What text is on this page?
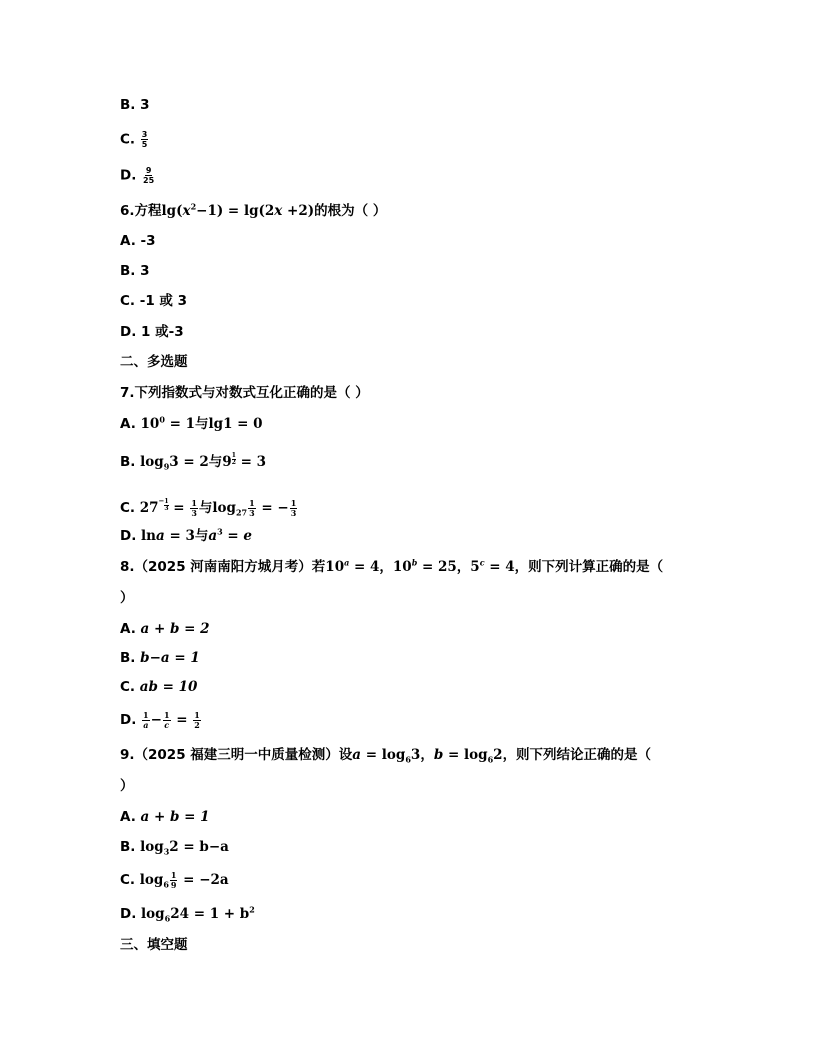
B. 3
C. $\frac{3}{5}$
D. $\frac{9}{25}$
6.方程$\lg(x^2-1) = \lg(2x +2)$的根为（ ）
A. -3
B. 3
C. -1 或 3
D. 1 或-3
二、多选题
7.下列指数式与对数式互化正确的是（ ）
A. $10^0 = 1$与lg1 = 0
B. $\log_93 = 2$与$9 \frac{1}{2} = 3$
C. $27^- \frac{1}{3} = \frac{1}{3}$ 与$\log_{27} \frac{1}{3}$ = − $\frac{1}{3}$
D. lna = 3与$a^3 = e$
8.（2025 河南南阳方城月考）若$10^a = 4$，$10^b = 25$，$5^c = 4$，则下列计算正确的是（
）
A. a + b = 2
B. b−a = 1
C. ab = 10
D. $\frac{1}{a} - \frac{1}{c} = \frac{1}{2}$
9.（2025 福建三明一中质量检测）设$a = \log_63$，$b = \log_62$，则下列结论正确的是（
）
A. a + b = 1
B. $\log_32 = b-a$
C. $\log_6 \frac{1}{9} = -2a$
D. $\log_624 = 1 + b^2$
三、填空题
